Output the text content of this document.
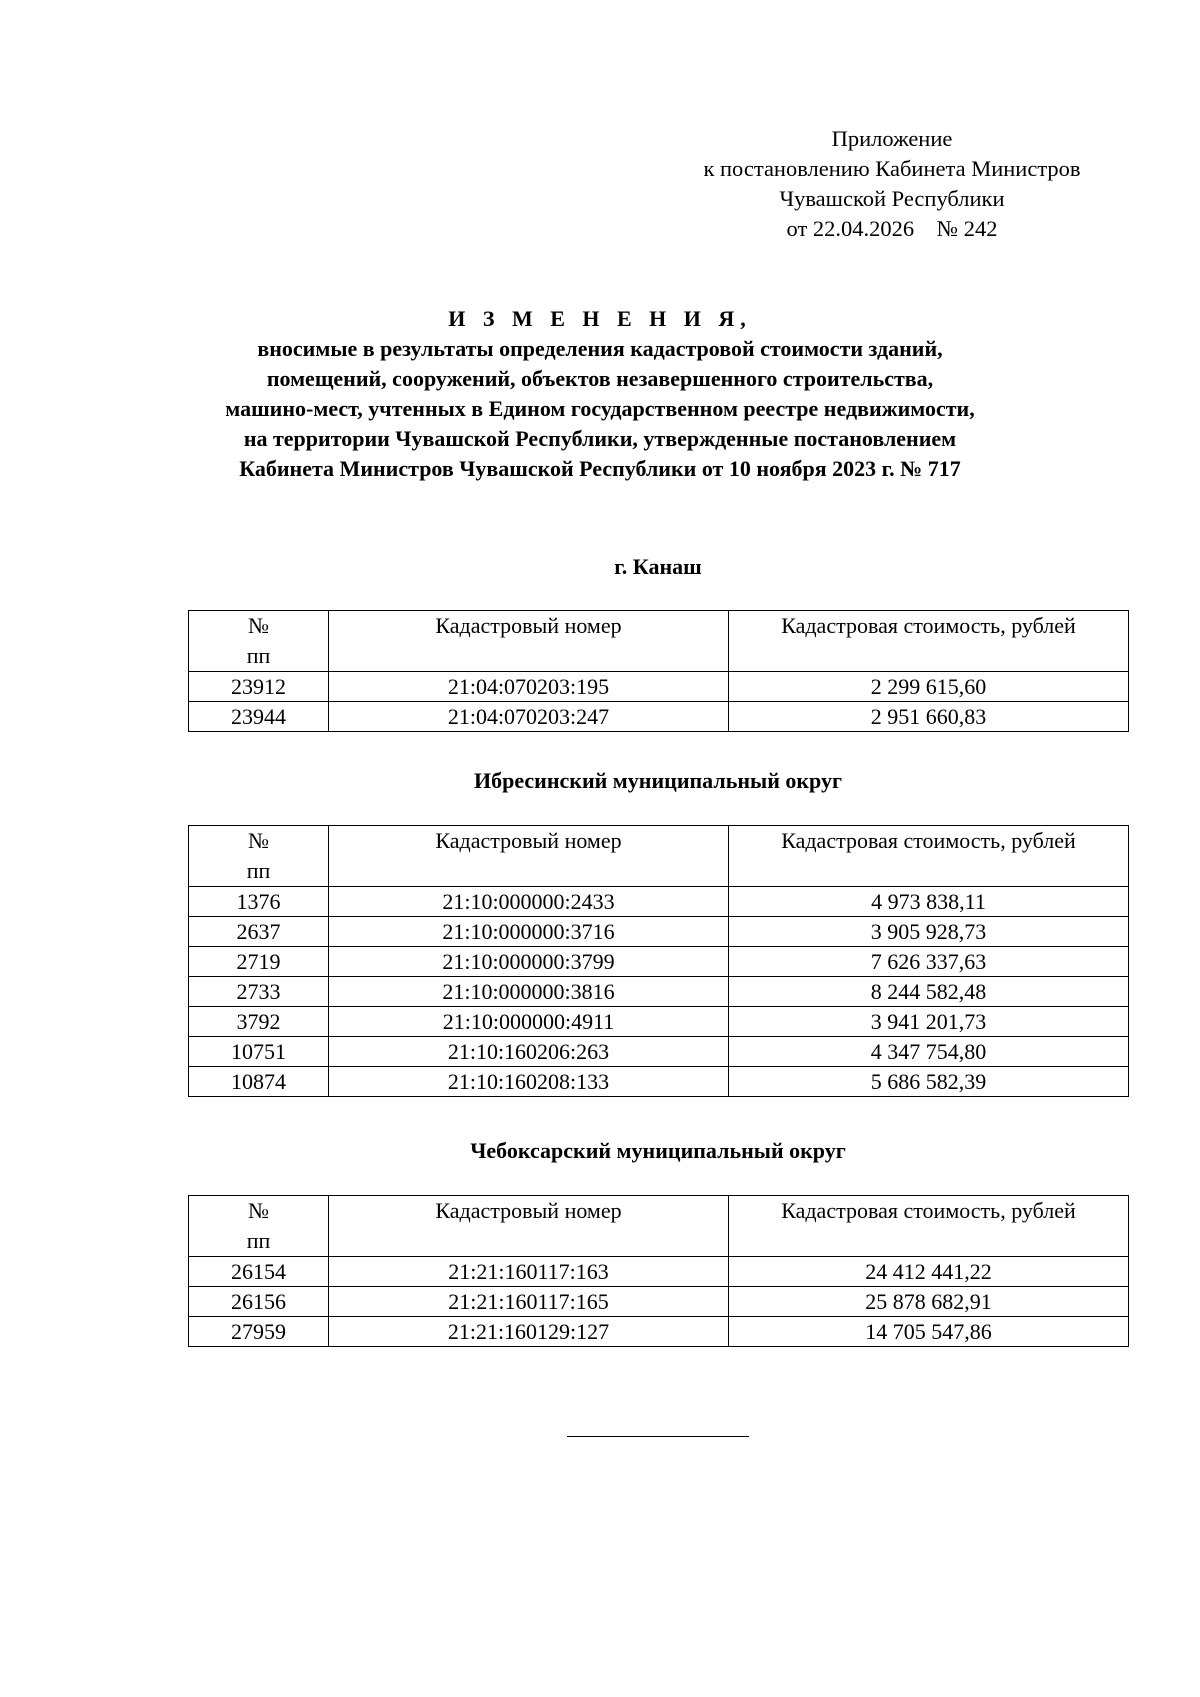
Приложение
к постановлению Кабинета Министров
Чувашской Республики
от 22.04.2026    № 242
И З М Е Н Е Н И Я,
вносимые в результаты определения кадастровой стоимости зданий,
помещений, сооружений, объектов незавершенного строительства,
машино-мест, учтенных в Едином государственном реестре недвижимости,
на территории Чувашской Республики, утвержденные постановлением
Кабинета Министров Чувашской Республики от 10 ноября 2023 г. № 717
г. Канаш
№
пп	Кадастровый номер	Кадастровая стоимость, рублей

23912	21:04:070203:195	2 299 615,60
23944	21:04:070203:247	2 951 660,83
Ибресинский муниципальный округ
№
пп	Кадастровый номер	Кадастровая стоимость, рублей

1376	21:10:000000:2433	4 973 838,11
2637	21:10:000000:3716	3 905 928,73
2719	21:10:000000:3799	7 626 337,63
2733	21:10:000000:3816	8 244 582,48
3792	21:10:000000:4911	3 941 201,73
10751	21:10:160206:263	4 347 754,80
10874	21:10:160208:133	5 686 582,39
Чебоксарский муниципальный округ
№
пп	Кадастровый номер	Кадастровая стоимость, рублей

26154	21:21:160117:163	24 412 441,22
26156	21:21:160117:165	25 878 682,91
27959	21:21:160129:127	14 705 547,86
